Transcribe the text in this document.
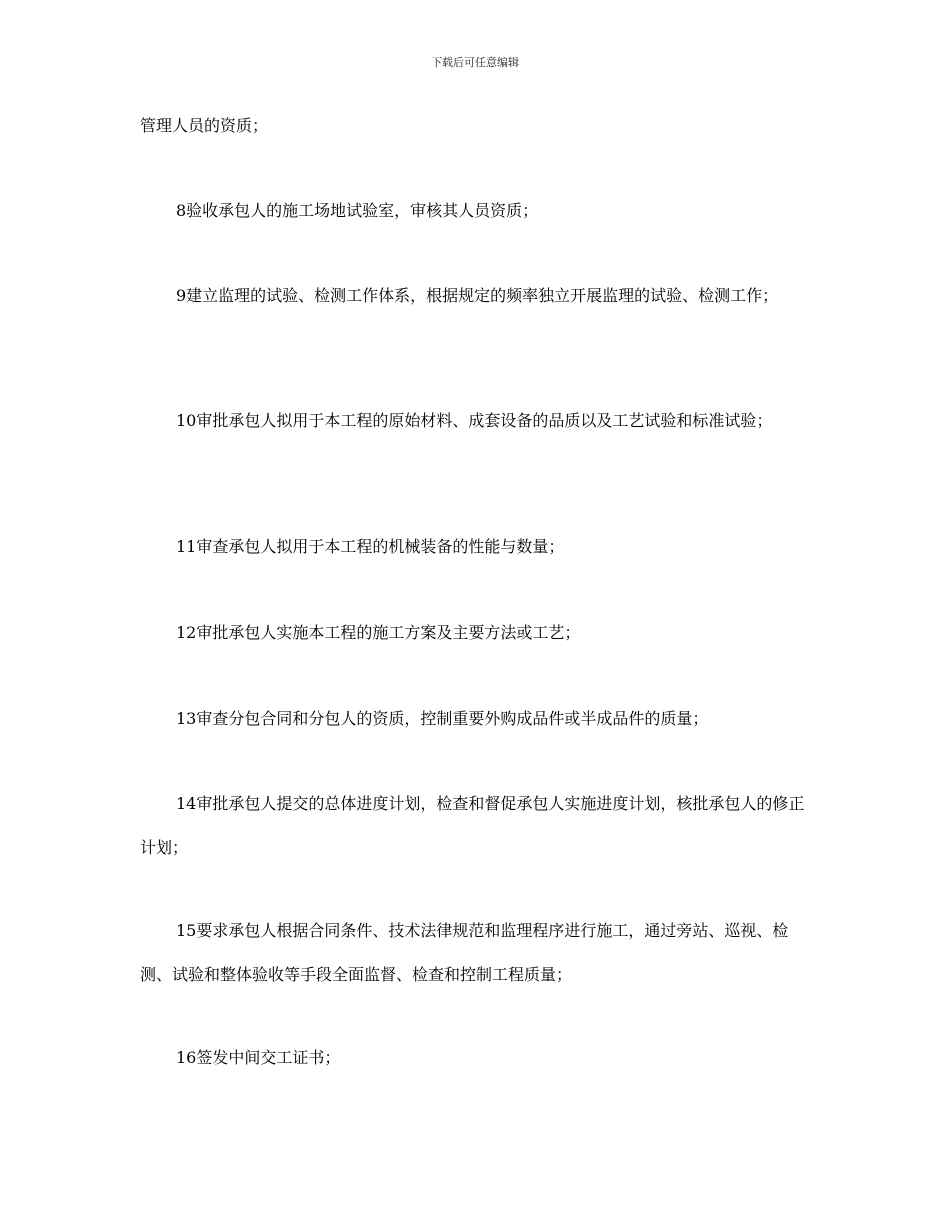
下载后可任意编辑

管理人员的资质；

8验收承包人的施工场地试验室，审核其人员资质；

9建立监理的试验、检测工作体系，根据规定的频率独立开展监理的试验、检测工作；

10审批承包人拟用于本工程的原始材料、成套设备的品质以及工艺试验和标准试验；

11审查承包人拟用于本工程的机械装备的性能与数量；

12审批承包人实施本工程的施工方案及主要方法或工艺；

13审查分包合同和分包人的资质，控制重要外购成品件或半成品件的质量；

14审批承包人提交的总体进度计划，检查和督促承包人实施进度计划，核批承包人的修正计划；

15要求承包人根据合同条件、技术法律规范和监理程序进行施工，通过旁站、巡视、检测、试验和整体验收等手段全面监督、检查和控制工程质量；

16签发中间交工证书；
